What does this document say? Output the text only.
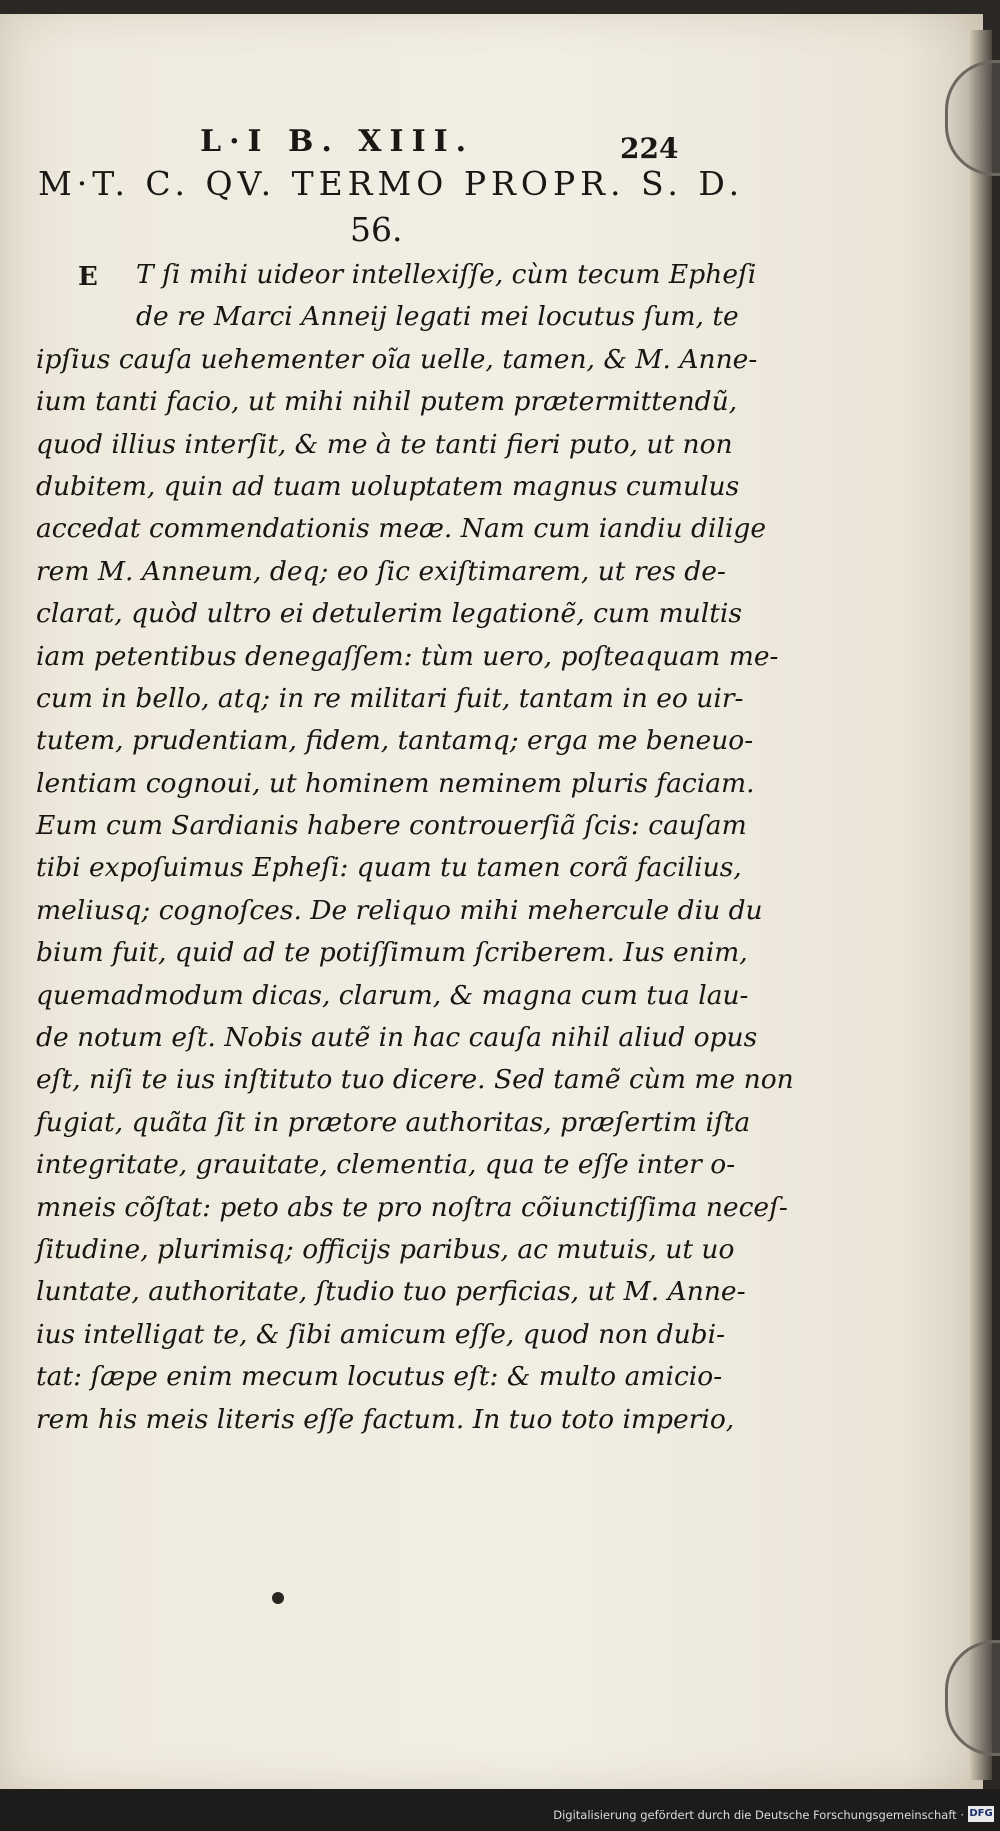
L·I B. XIII.	224
M·T. C. QV. TERMO PROPR. S. D.
56.
E	T ſi mihi uideor intellexiſſe, cùm tecum Epheſi
de re Marci Anneij legati mei locutus ſum, te
ipſius cauſa uehementer oĩa uelle, tamen, & M. Anne-
ium tanti facio, ut mihi nihil putem prætermittendũ,
quod illius interſit, & me à te tanti fieri puto, ut non
dubitem, quin ad tuam uoluptatem magnus cumulus
accedat commendationis meæ. Nam cum iandiu dilige
rem M. Anneum, deq; eo ſic exiſtimarem, ut res de-
clarat, quòd ultro ei detulerim legationẽ, cum multis
iam petentibus denegaſſem: tùm uero, poſteaquam me-
cum in bello, atq; in re militari fuit, tantam in eo uir-
tutem, prudentiam, fidem, tantamq; erga me beneuo-
lentiam cognoui, ut hominem neminem pluris faciam.
Eum cum Sardianis habere controuerſiã ſcis: cauſam
tibi expoſuimus Epheſi: quam tu tamen corã facilius,
meliusq; cognoſces. De reliquo mihi mehercule diu du
bium fuit, quid ad te potiſſimum ſcriberem. Ius enim,
quemadmodum dicas, clarum, & magna cum tua lau-
de notum eſt. Nobis autẽ in hac cauſa nihil aliud opus
eſt, niſi te ius inſtituto tuo dicere. Sed tamẽ cùm me non
fugiat, quãta ſit in prætore authoritas, præſertim iſta
integritate, grauitate, clementia, qua te eſſe inter o-
mneis cõſtat: peto abs te pro noſtra cõiunctiſſima neceſ-
ſitudine, plurimisq; officijs paribus, ac mutuis, ut uo
luntate, authoritate, ſtudio tuo perficias, ut M. Anne-
ius intelligat te, & ſibi amicum eſſe, quod non dubi-
tat: ſæpe enim mecum locutus eſt: & multo amicio-
rem his meis literis eſſe factum. In tuo toto imperio,
Digitalisierung gefördert durch die Deutsche Forschungsgemeinschaft · DFG
